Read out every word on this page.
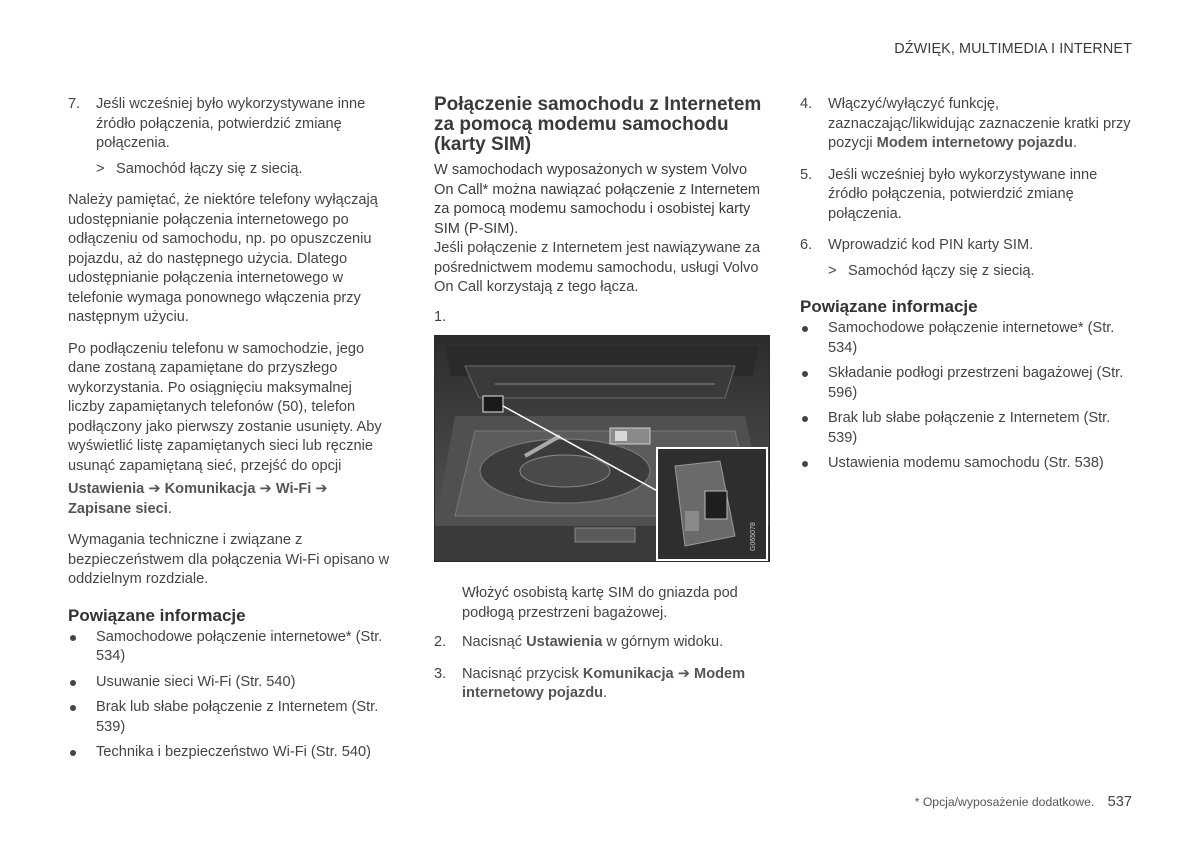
DŹWIĘK, MULTIMEDIA I INTERNET
7. Jeśli wcześniej było wykorzystywane inne źródło połączenia, potwierdzić zmianę połączenia.
> Samochód łączy się z siecią.

Należy pamiętać, że niektóre telefony wyłączają udostępnianie połączenia internetowego po odłączeniu od samochodu, np. po opuszczeniu pojazdu, aż do następnego użycia. Dlatego udostępnianie połączenia internetowego w telefonie wymaga ponownego włączenia przy następnym użyciu.

Po podłączeniu telefonu w samochodzie, jego dane zostaną zapamiętane do przyszłego wykorzystania. Po osiągnięciu maksymalnej liczby zapamiętanych telefonów (50), telefon podłączony jako pierwszy zostanie usunięty. Aby wyświetlić listę zapamiętanych sieci lub ręcznie usunąć zapamiętaną sieć, przejść do opcji

Ustawienia ➔ Komunikacja ➔ Wi-Fi ➔ Zapisane sieci.

Wymagania techniczne i związane z bezpieczeństwem dla połączenia Wi-Fi opisano w oddzielnym rozdziale.

Powiązane informacje
Samochodowe połączenie internetowe* (Str. 534)
Usuwanie sieci Wi-Fi (Str. 540)
Brak lub słabe połączenie z Internetem (Str. 539)
Technika i bezpieczeństwo Wi-Fi (Str. 540)
Połączenie samochodu z Internetem za pomocą modemu samochodu (karty SIM)

W samochodach wyposażonych w system Volvo On Call* można nawiązać połączenie z Internetem za pomocą modemu samochodu i osobistej karty SIM (P-SIM).

Jeśli połączenie z Internetem jest nawiązywane za pośrednictwem modemu samochodu, usługi Volvo On Call korzystają z tego łącza.

1.
G065078
Włożyć osobistą kartę SIM do gniazda pod podłogą przestrzeni bagażowej.
2. Nacisnąć Ustawienia w górnym widoku.
3. Nacisnąć przycisk Komunikacja ➔ Modem internetowy pojazdu.
4. Włączyć/wyłączyć funkcję, zaznaczając/likwidując zaznaczenie kratki przy pozycji Modem internetowy pojazdu.
5. Jeśli wcześniej było wykorzystywane inne źródło połączenia, potwierdzić zmianę połączenia.
6. Wprowadzić kod PIN karty SIM.
> Samochód łączy się z siecią.
Powiązane informacje
Samochodowe połączenie internetowe* (Str. 534)
Składanie podłogi przestrzeni bagażowej (Str. 596)
Brak lub słabe połączenie z Internetem (Str. 539)
Ustawienia modemu samochodu (Str. 538)
* Opcja/wyposażenie dodatkowe. 537
